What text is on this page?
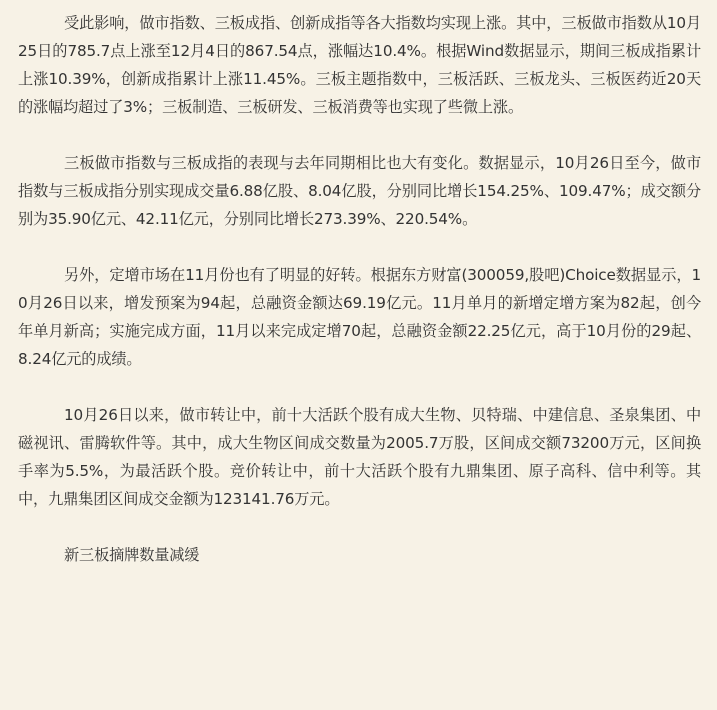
受此影响，做市指数、三板成指、创新成指等各大指数均实现上涨。其中，三板做市指数从10月25日的785.7点上涨至12月4日的867.54点，涨幅达10.4%。根据Wind数据显示，期间三板成指累计上涨10.39%，创新成指累计上涨11.45%。三板主题指数中，三板活跃、三板龙头、三板医药近20天的涨幅均超过了3%；三板制造、三板研发、三板消费等也实现了些微上涨。

三板做市指数与三板成指的表现与去年同期相比也大有变化。数据显示，10月26日至今，做市指数与三板成指分别实现成交量6.88亿股、8.04亿股，分别同比增长154.25%、109.47%；成交额分别为35.90亿元、42.11亿元，分别同比增长273.39%、220.54%。

另外，定增市场在11月份也有了明显的好转。根据东方财富(300059,股吧)Choice数据显示，10月26日以来，增发预案为94起，总融资金额达69.19亿元。11月单月的新增定增方案为82起，创今年单月新高；实施完成方面，11月以来完成定增70起，总融资金额22.25亿元，高于10月份的29起、8.24亿元的成绩。

10月26日以来，做市转让中，前十大活跃个股有成大生物、贝特瑞、中建信息、圣泉集团、中磁视讯、雷腾软件等。其中，成大生物区间成交数量为2005.7万股，区间成交额73200万元，区间换手率为5.5%，为最活跃个股。竞价转让中，前十大活跃个股有九鼎集团、原子高科、信中利等。其中，九鼎集团区间成交金额为123141.76万元。

新三板摘牌数量减缓
